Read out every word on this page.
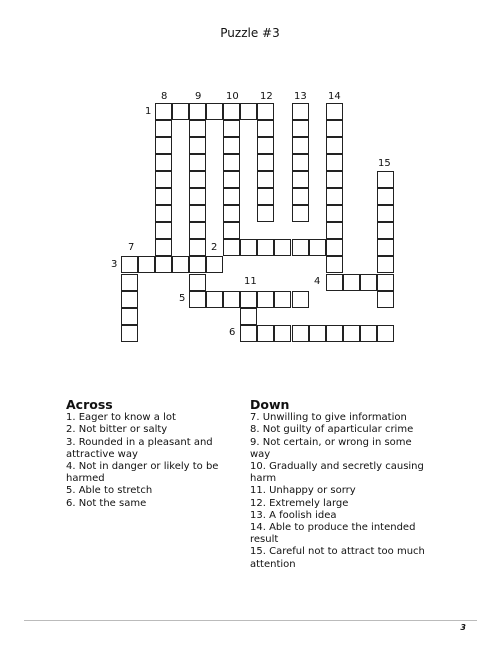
Puzzle #3
1
2
3
4
5
6
7
8	9 10
11
12 13 14
15
Across
1. Eager to know a lot
2. Not bitter or salty
3. Rounded in a pleasant and attractive way
4. Not in danger or likely to be harmed
5. Able to stretch
6. Not the same
Down
7. Unwilling to give information
8. Not guilty of aparticular crime
9. Not certain, or wrong in some way
10. Gradually and secretly causing harm
11. Unhappy or sorry
12. Extremely large
13. A foolish idea
14. Able to produce the intended result
15. Careful not to attract too much attention
3
